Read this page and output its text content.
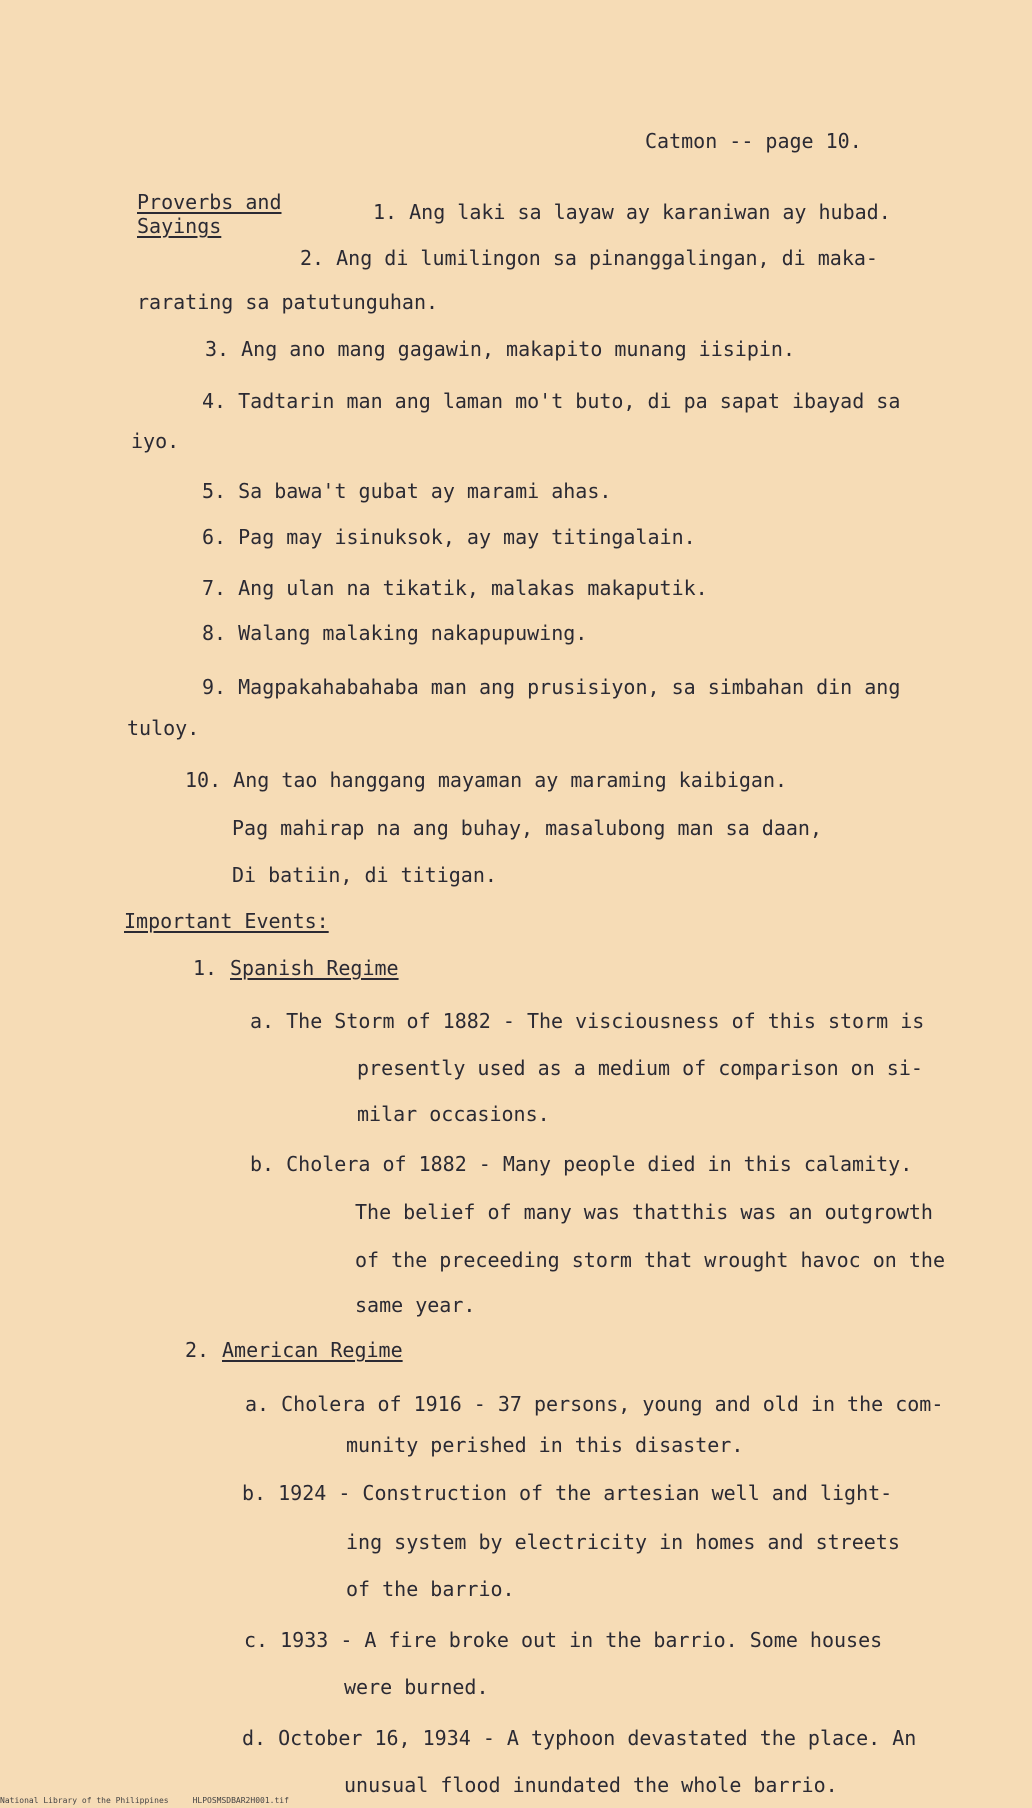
Catmon -- page 10.
Proverbs and
Sayings
1. Ang laki sa layaw ay karaniwan ay hubad.
2. Ang di lumilingon sa pinanggalingan, di maka-
rarating sa patutunguhan.
3. Ang ano mang gagawin, makapito munang iisipin.
4. Tadtarin man ang laman mo't buto, di pa sapat ibayad sa
iyo.
5. Sa bawa't gubat ay marami ahas.
6. Pag may isinuksok, ay may titingalain.
7. Ang ulan na tikatik, malakas makaputik.
8. Walang malaking nakapupuwing.
9. Magpakahabahaba man ang prusisiyon, sa simbahan din ang
tuloy.
10. Ang tao hanggang mayaman ay maraming kaibigan.
Pag mahirap na ang buhay, masalubong man sa daan,
Di batiin, di titigan.
Important Events:
1. Spanish Regime
a. The Storm of 1882 - The visciousness of this storm is
presently used as a medium of comparison on si-
milar occasions.
b. Cholera of 1882 - Many people died in this calamity.
The belief of many was thatthis was an outgrowth
of the preceeding storm that wrought havoc on the
same year.
2. American Regime
a. Cholera of 1916 - 37 persons, young and old in the com-
munity perished in this disaster.
b. 1924 - Construction of the artesian well and light-
ing system by electricity in homes and streets
of the barrio.
c. 1933 - A fire broke out in the barrio. Some houses
were burned.
d. October 16, 1934 - A typhoon devastated the place. An
unusual flood inundated the whole barrio.
National Library of the Philippines	HLPOSMSDBAR2H001.tif
